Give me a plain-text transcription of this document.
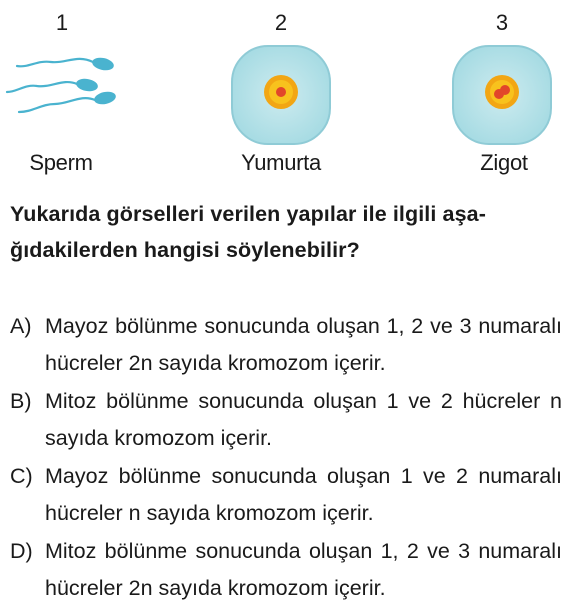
1
Sperm
2
Yumurta
3
Zigot
Yukarıda görselleri verilen yapılar ile ilgili aşağıdakilerden hangisi söylenebilir?
A) Mayoz bölünme sonucunda oluşan 1, 2 ve 3 numaralı hücreler 2n sayıda kromozom içerir.
B) Mitoz bölünme sonucunda oluşan 1 ve 2 hücreler n sayıda kromozom içerir.
C) Mayoz bölünme sonucunda oluşan 1 ve 2 numaralı hücreler n sayıda kromozom içerir.
D) Mitoz bölünme sonucunda oluşan 1, 2 ve 3 numaralı hücreler 2n sayıda kromozom içerir.
